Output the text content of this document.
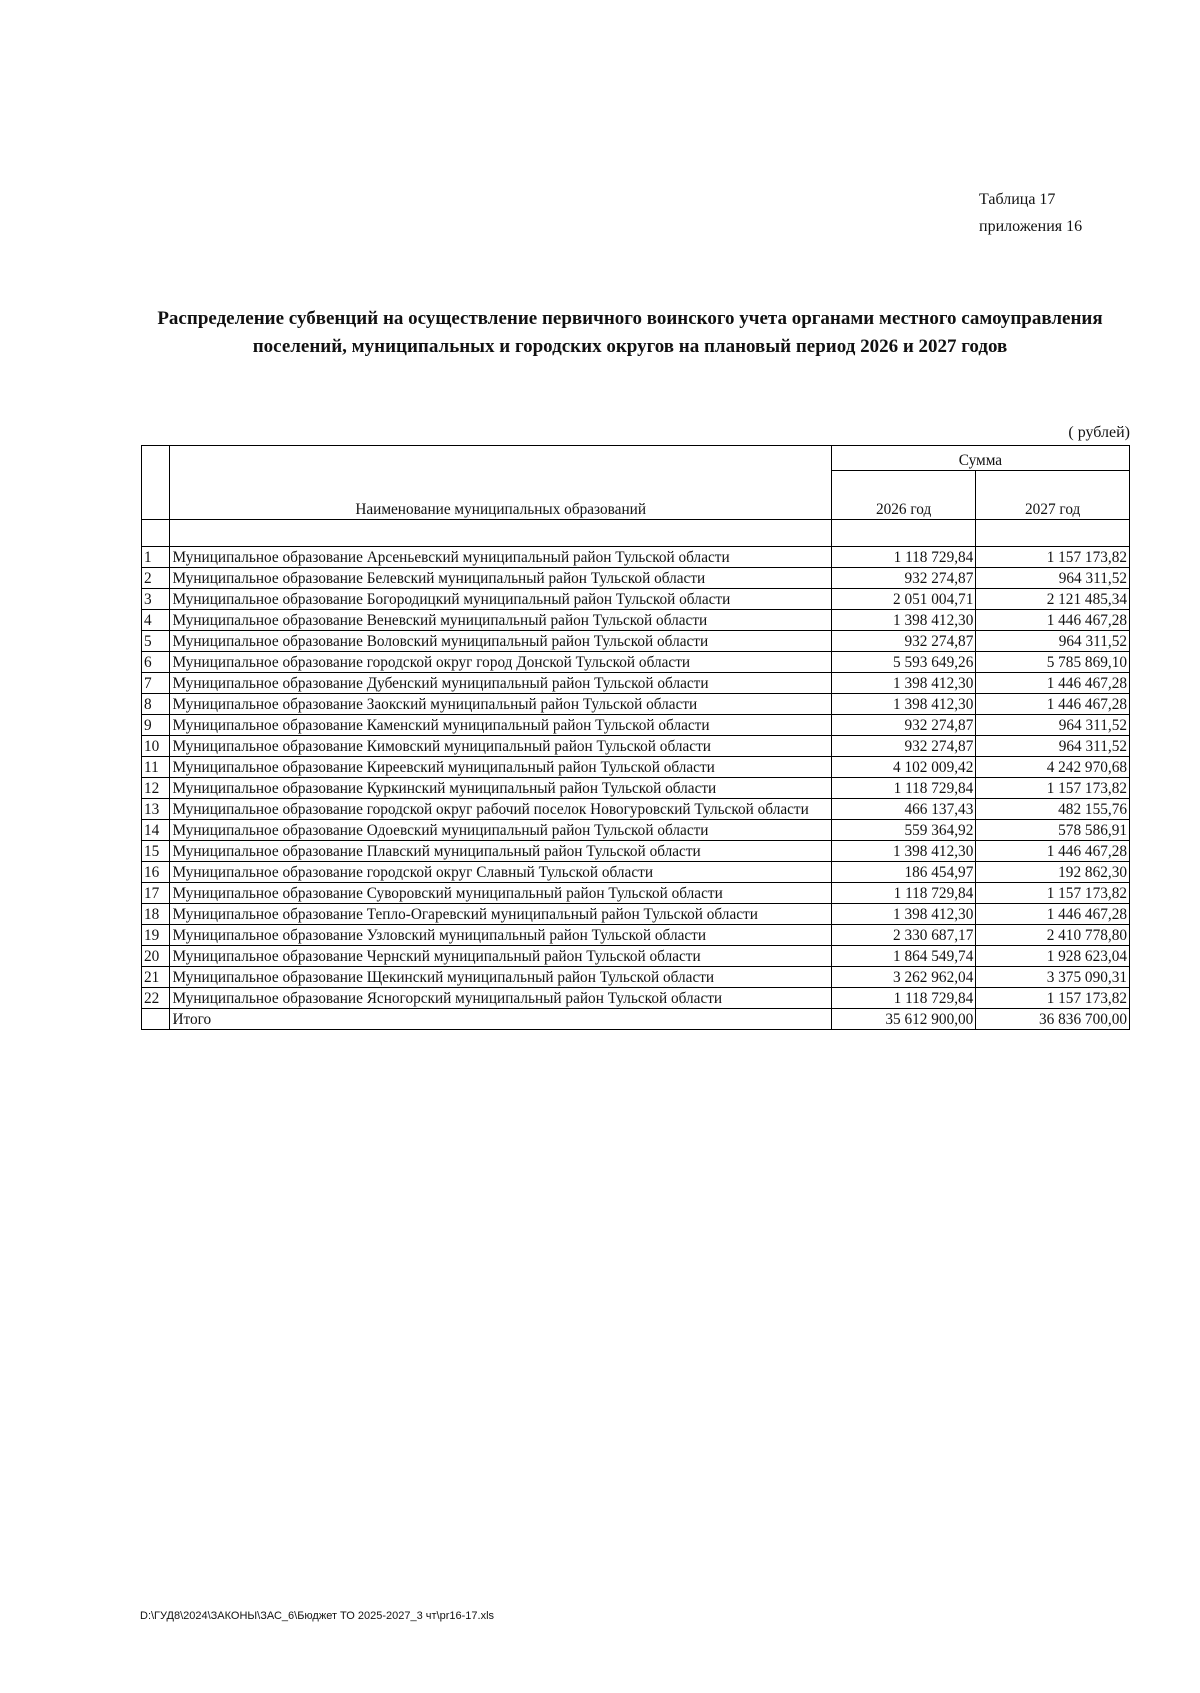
Таблица 17
приложения 16
Распределение субвенций на осуществление первичного воинского учета органами местного самоуправления поселений, муниципальных и городских округов на плановый период 2026 и 2027 годов
( рублей)
	Наименование муниципальных образований	Сумма	
		2026 год	2027 год

1	Муниципальное образование Арсеньевский муниципальный район Тульской области	1 118 729,84	1 157 173,82
2	Муниципальное образование Белевский муниципальный район Тульской области	932 274,87	964 311,52
3	Муниципальное образование Богородицкий муниципальный район Тульской области	2 051 004,71	2 121 485,34
4	Муниципальное образование Веневский муниципальный район Тульской области	1 398 412,30	1 446 467,28
5	Муниципальное образование Воловский муниципальный район Тульской области	932 274,87	964 311,52
6	Муниципальное образование городской округ город Донской Тульской области	5 593 649,26	5 785 869,10
7	Муниципальное образование Дубенский муниципальный район Тульской области	1 398 412,30	1 446 467,28
8	Муниципальное образование Заокский муниципальный район Тульской области	1 398 412,30	1 446 467,28
9	Муниципальное образование Каменский муниципальный район Тульской области	932 274,87	964 311,52
10	Муниципальное образование Кимовский муниципальный район Тульской области	932 274,87	964 311,52
11	Муниципальное образование Киреевский муниципальный район Тульской области	4 102 009,42	4 242 970,68
12	Муниципальное образование Куркинский муниципальный район Тульской области	1 118 729,84	1 157 173,82
13	Муниципальное образование городской округ рабочий поселок Новогуровский Тульской области	466 137,43	482 155,76
14	Муниципальное образование Одоевский муниципальный район Тульской области	559 364,92	578 586,91
15	Муниципальное образование Плавский муниципальный район Тульской области	1 398 412,30	1 446 467,28
16	Муниципальное образование городской округ Славный Тульской области	186 454,97	192 862,30
17	Муниципальное образование Суворовский муниципальный район Тульской области	1 118 729,84	1 157 173,82
18	Муниципальное образование Тепло-Огаревский муниципальный район Тульской области	1 398 412,30	1 446 467,28
19	Муниципальное образование Узловский муниципальный район Тульской области	2 330 687,17	2 410 778,80
20	Муниципальное образование Чернский муниципальный район Тульской области	1 864 549,74	1 928 623,04
21	Муниципальное образование Щекинский муниципальный район Тульской области	3 262 962,04	3 375 090,31
22	Муниципальное образование Ясногорский муниципальный район Тульской области	1 118 729,84	1 157 173,82
	Итого	35 612 900,00	36 836 700,00
D:\ГУД8\2024\ЗАКОНЫ\ЗАС_6\Бюджет ТО 2025-2027_3 чт\pr16-17.xls
